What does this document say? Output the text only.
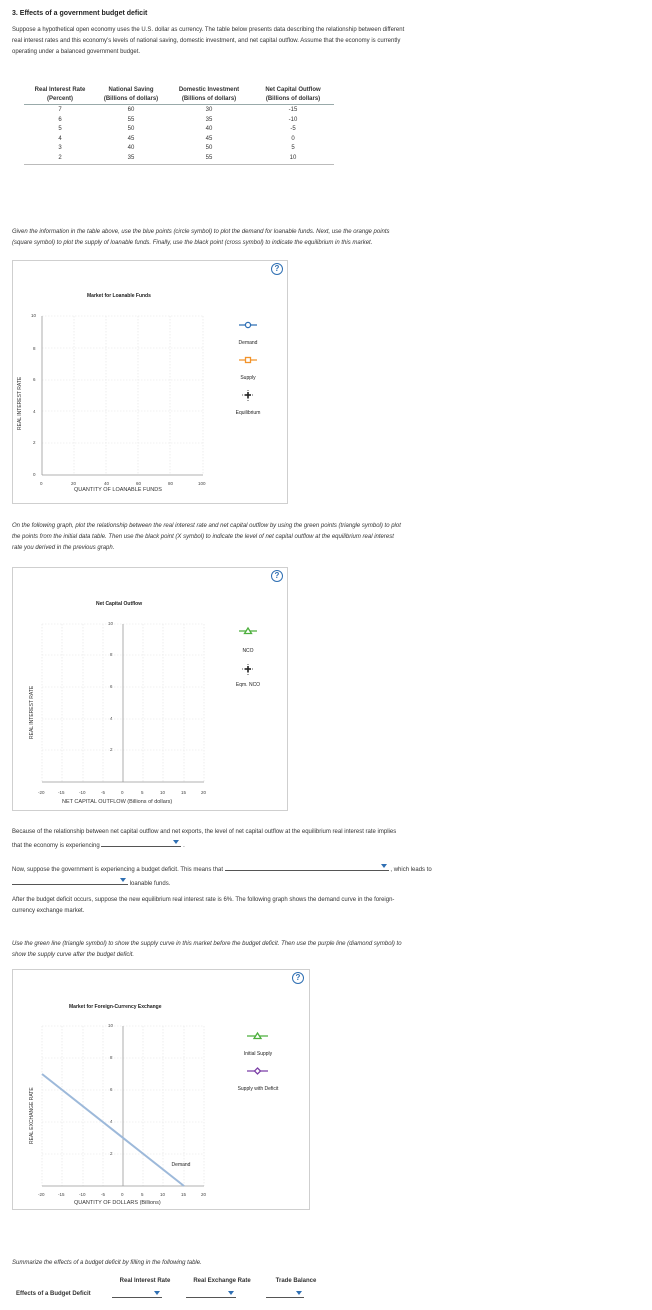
3. Effects of a government budget deficit
Suppose a hypothetical open economy uses the U.S. dollar as currency. The table below presents data describing the relationship between different
real interest rates and this economy's levels of national saving, domestic investment, and net capital outflow. Assume that the economy is currently
operating under a balanced government budget.
Real Interest Rate	National Saving	Domestic Investment	Net Capital Outflow
(Percent)	(Billions of dollars)	(Billions of dollars)	(Billions of dollars)
7	60	30	-15
6	55	35	-10
5	50	40	-5
4	45	45	0
3	40	50	5
2	35	55	10
Given the information in the table above, use the blue points (circle symbol) to plot the demand for loanable funds. Next, use the orange points
(square symbol) to plot the supply of loanable funds. Finally, use the black point (cross symbol) to indicate the equilibrium in this market.
?
Market for Loanable Funds
REAL INTEREST RATE
QUANTITY OF LOANABLE FUNDS
10
8
6
4
2
0
0	20	40	60	80	100
Demand
Supply
Equilibrium
On the following graph, plot the relationship between the real interest rate and net capital outflow by using the green points (triangle symbol) to plot
the points from the initial data table. Then use the black point (X symbol) to indicate the level of net capital outflow at the equilibrium real interest
rate you derived in the previous graph.
?
Net Capital Outflow
REAL INTEREST RATE
NET CAPITAL OUTFLOW (Billions of dollars)
10
8
6
4
2
-20	-15	-10	-5	0	5	10	15	20
NCO
Eqm. NCO
Because of the relationship between net capital outflow and net exports, the level of net capital outflow at the equilibrium real interest rate implies
that the economy is experiencing	.
Now, suppose the government is experiencing a budget deficit. This means that	, which leads to
loanable funds.
After the budget deficit occurs, suppose the new equilibrium real interest rate is 6%. The following graph shows the demand curve in the foreign-
currency exchange market.
Use the green line (triangle symbol) to show the supply curve in this market before the budget deficit. Then use the purple line (diamond symbol) to
show the supply curve after the budget deficit.
?
Market for Foreign-Currency Exchange
REAL EXCHANGE RATE
QUANTITY OF DOLLARS (Billions)
10
8
6
4
2
-20	-15	-10	-5	0	5	10	15	20
Demand
Initial Supply
Supply with Deficit
Summarize the effects of a budget deficit by filling in the following table.
	Real Interest Rate	Real Exchange Rate	Trade Balance
Effects of a Budget Deficit	
